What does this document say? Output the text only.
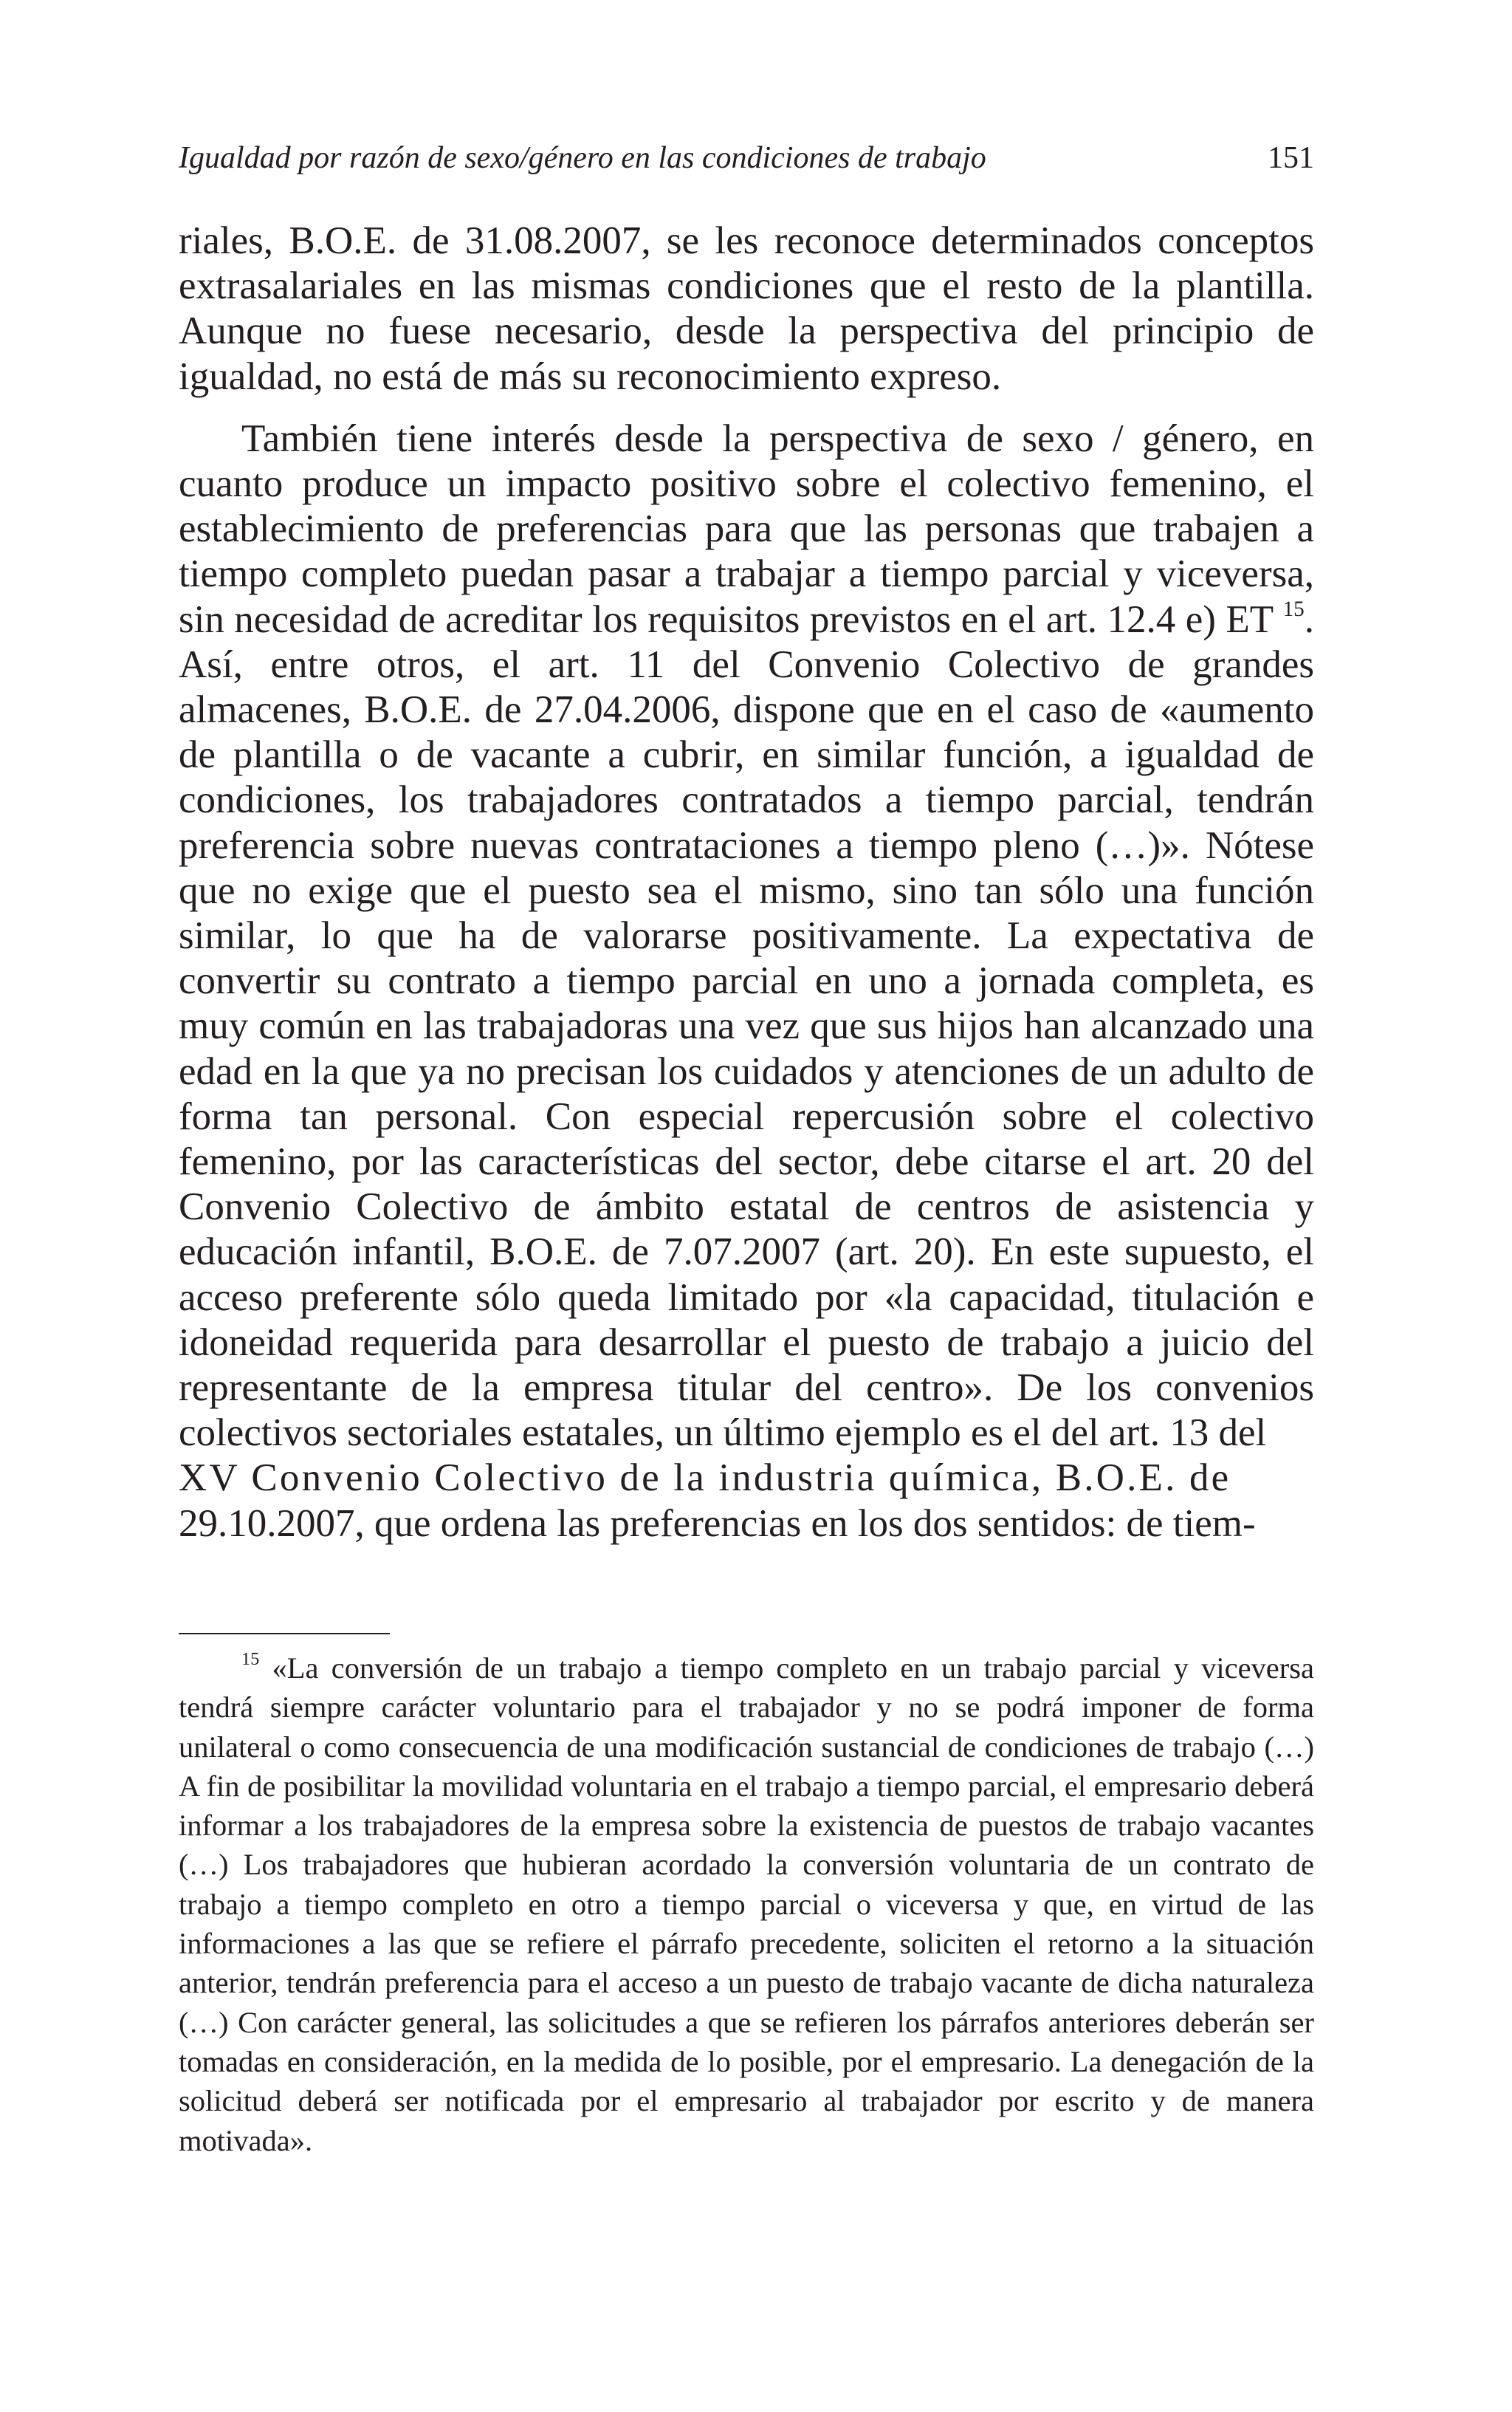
Igualdad por razón de sexo/género en las condiciones de trabajo	151

riales, B.O.E. de 31.08.2007, se les reconoce determinados conceptos extrasalariales en las mismas condiciones que el resto de la plantilla. Aunque no fuese necesario, desde la perspectiva del principio de igualdad, no está de más su reconocimiento expreso.

También tiene interés desde la perspectiva de sexo / género, en cuanto produce un impacto positivo sobre el colectivo femenino, el establecimiento de preferencias para que las personas que trabajen a tiempo completo puedan pasar a trabajar a tiempo parcial y viceversa, sin necesidad de acreditar los requisitos previstos en el art. 12.4 e) ET $^{15}$. Así, entre otros, el art. 11 del Convenio Colectivo de grandes almacenes, B.O.E. de 27.04.2006, dispone que en el caso de «aumento de plantilla o de vacante a cubrir, en similar función, a igualdad de condiciones, los trabajadores contratados a tiempo parcial, tendrán preferencia sobre nuevas contrataciones a tiempo pleno (…)». Nótese que no exige que el puesto sea el mismo, sino tan sólo una función similar, lo que ha de valorarse positivamente. La expectativa de convertir su contrato a tiempo parcial en uno a jornada completa, es muy común en las trabajadoras una vez que sus hijos han alcanzado una edad en la que ya no precisan los cuidados y atenciones de un adulto de forma tan personal. Con especial repercusión sobre el colectivo femenino, por las características del sector, debe citarse el art. 20 del Convenio Colectivo de ámbito estatal de centros de asistencia y educación infantil, B.O.E. de 7.07.2007 (art. 20). En este supuesto, el acceso preferente sólo queda limitado por «la capacidad, titulación e idoneidad requerida para desarrollar el puesto de trabajo a juicio del representante de la empresa titular del centro». De los convenios colectivos sectoriales estatales, un último ejemplo es el del art. 13 del

XV Convenio Colectivo de la industria química, B.O.E. de

29.10.2007, que ordena las preferencias en los dos sentidos: de tiem-

$^{15}$ «La conversión de un trabajo a tiempo completo en un trabajo parcial y viceversa tendrá siempre carácter voluntario para el trabajador y no se podrá imponer de forma unilateral o como consecuencia de una modificación sustancial de condiciones de trabajo (…) A fin de posibilitar la movilidad voluntaria en el trabajo a tiempo parcial, el empresario deberá informar a los trabajadores de la empresa sobre la existencia de puestos de trabajo vacantes (…) Los trabajadores que hubieran acordado la conversión voluntaria de un contrato de trabajo a tiempo completo en otro a tiempo parcial o viceversa y que, en virtud de las informaciones a las que se refiere el párrafo precedente, soliciten el retorno a la situación anterior, tendrán preferencia para el acceso a un puesto de trabajo vacante de dicha naturaleza (…) Con carácter general, las solicitudes a que se refieren los párrafos anteriores deberán ser tomadas en consideración, en la medida de lo posible, por el empresario. La denegación de la solicitud deberá ser notificada por el empresario al trabajador por escrito y de manera motivada».
